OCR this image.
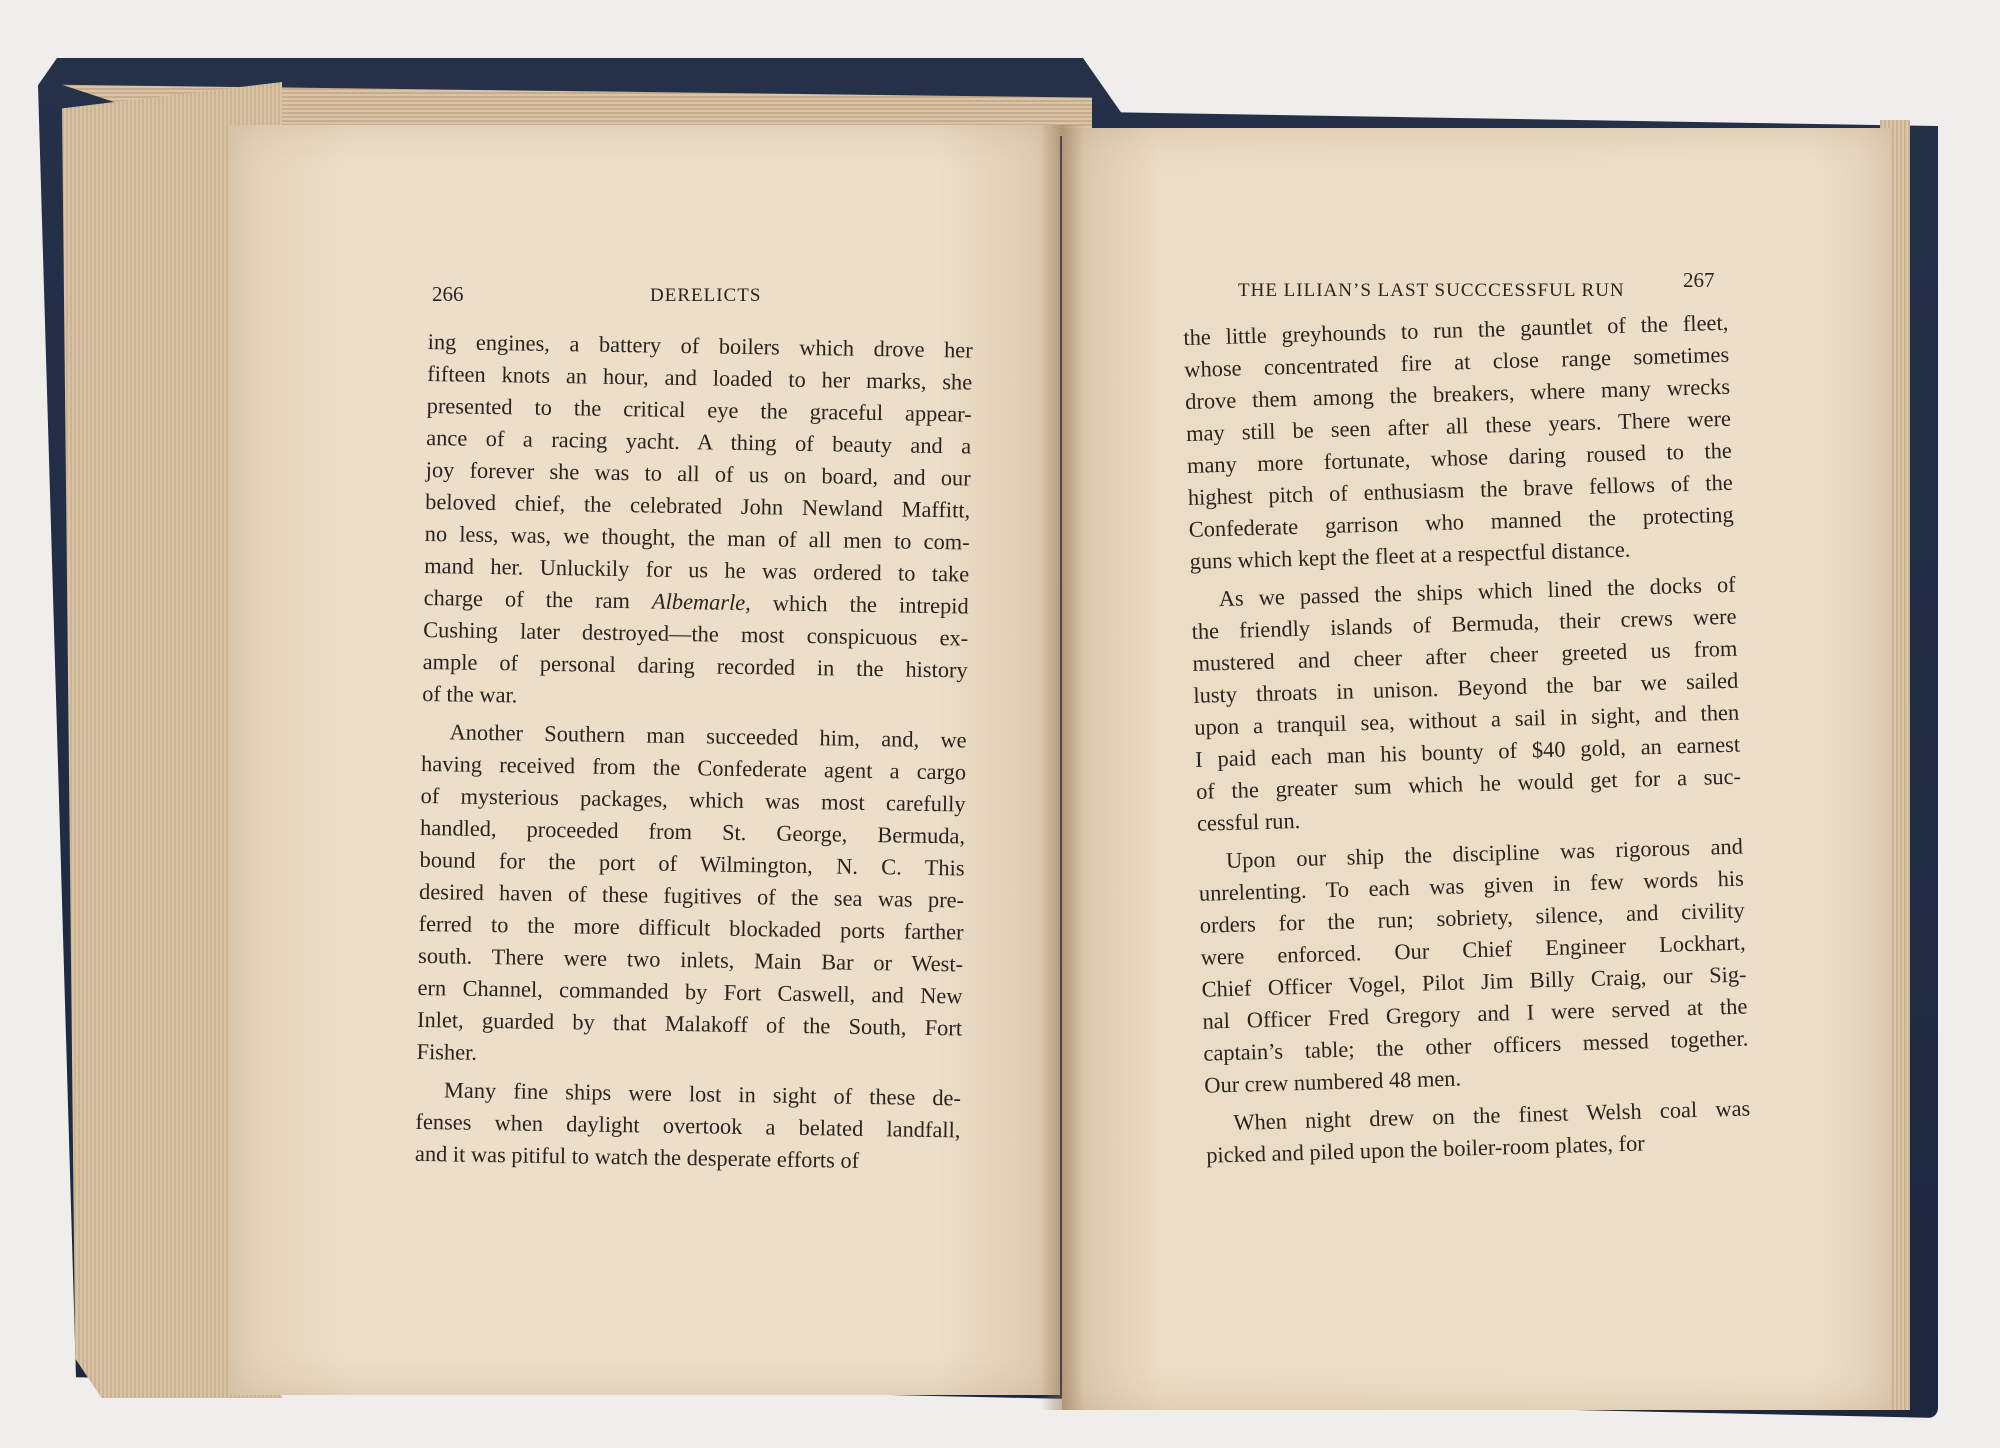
266	DERELICTS	THE LILIAN’S LAST SUCCCESSFUL RUN	267
ing engines, a battery of boilers which drove her
fifteen knots an hour, and loaded to her marks, she
presented to the critical eye the graceful appear-
ance of a racing yacht. A thing of beauty and a
joy forever she was to all of us on board, and our
beloved chief, the celebrated John Newland Maffitt,
no less, was, we thought, the man of all men to com-
mand her. Unluckily for us he was ordered to take
charge of the ram Albemarle, which the intrepid
Cushing later destroyed—the most conspicuous ex-
ample of personal daring recorded in the history
of the war.
Another Southern man succeeded him, and, we
having received from the Confederate agent a cargo
of mysterious packages, which was most carefully
handled, proceeded from St. George, Bermuda,
bound for the port of Wilmington, N. C. This
desired haven of these fugitives of the sea was pre-
ferred to the more difficult blockaded ports farther
south. There were two inlets, Main Bar or West-
ern Channel, commanded by Fort Caswell, and New
Inlet, guarded by that Malakoff of the South, Fort
Fisher.
Many fine ships were lost in sight of these de-
fenses when daylight overtook a belated landfall,
and it was pitiful to watch the desperate efforts of
the little greyhounds to run the gauntlet of the fleet,
whose concentrated fire at close range sometimes
drove them among the breakers, where many wrecks
may still be seen after all these years. There were
many more fortunate, whose daring roused to the
highest pitch of enthusiasm the brave fellows of the
Confederate garrison who manned the protecting
guns which kept the fleet at a respectful distance.
As we passed the ships which lined the docks of
the friendly islands of Bermuda, their crews were
mustered and cheer after cheer greeted us from
lusty throats in unison. Beyond the bar we sailed
upon a tranquil sea, without a sail in sight, and then
I paid each man his bounty of $40 gold, an earnest
of the greater sum which he would get for a suc-
cessful run.
Upon our ship the discipline was rigorous and
unrelenting. To each was given in few words his
orders for the run; sobriety, silence, and civility
were enforced. Our Chief Engineer Lockhart,
Chief Officer Vogel, Pilot Jim Billy Craig, our Sig-
nal Officer Fred Gregory and I were served at the
captain’s table; the other officers messed together.
Our crew numbered 48 men.
When night drew on the finest Welsh coal was
picked and piled upon the boiler-room plates, for
